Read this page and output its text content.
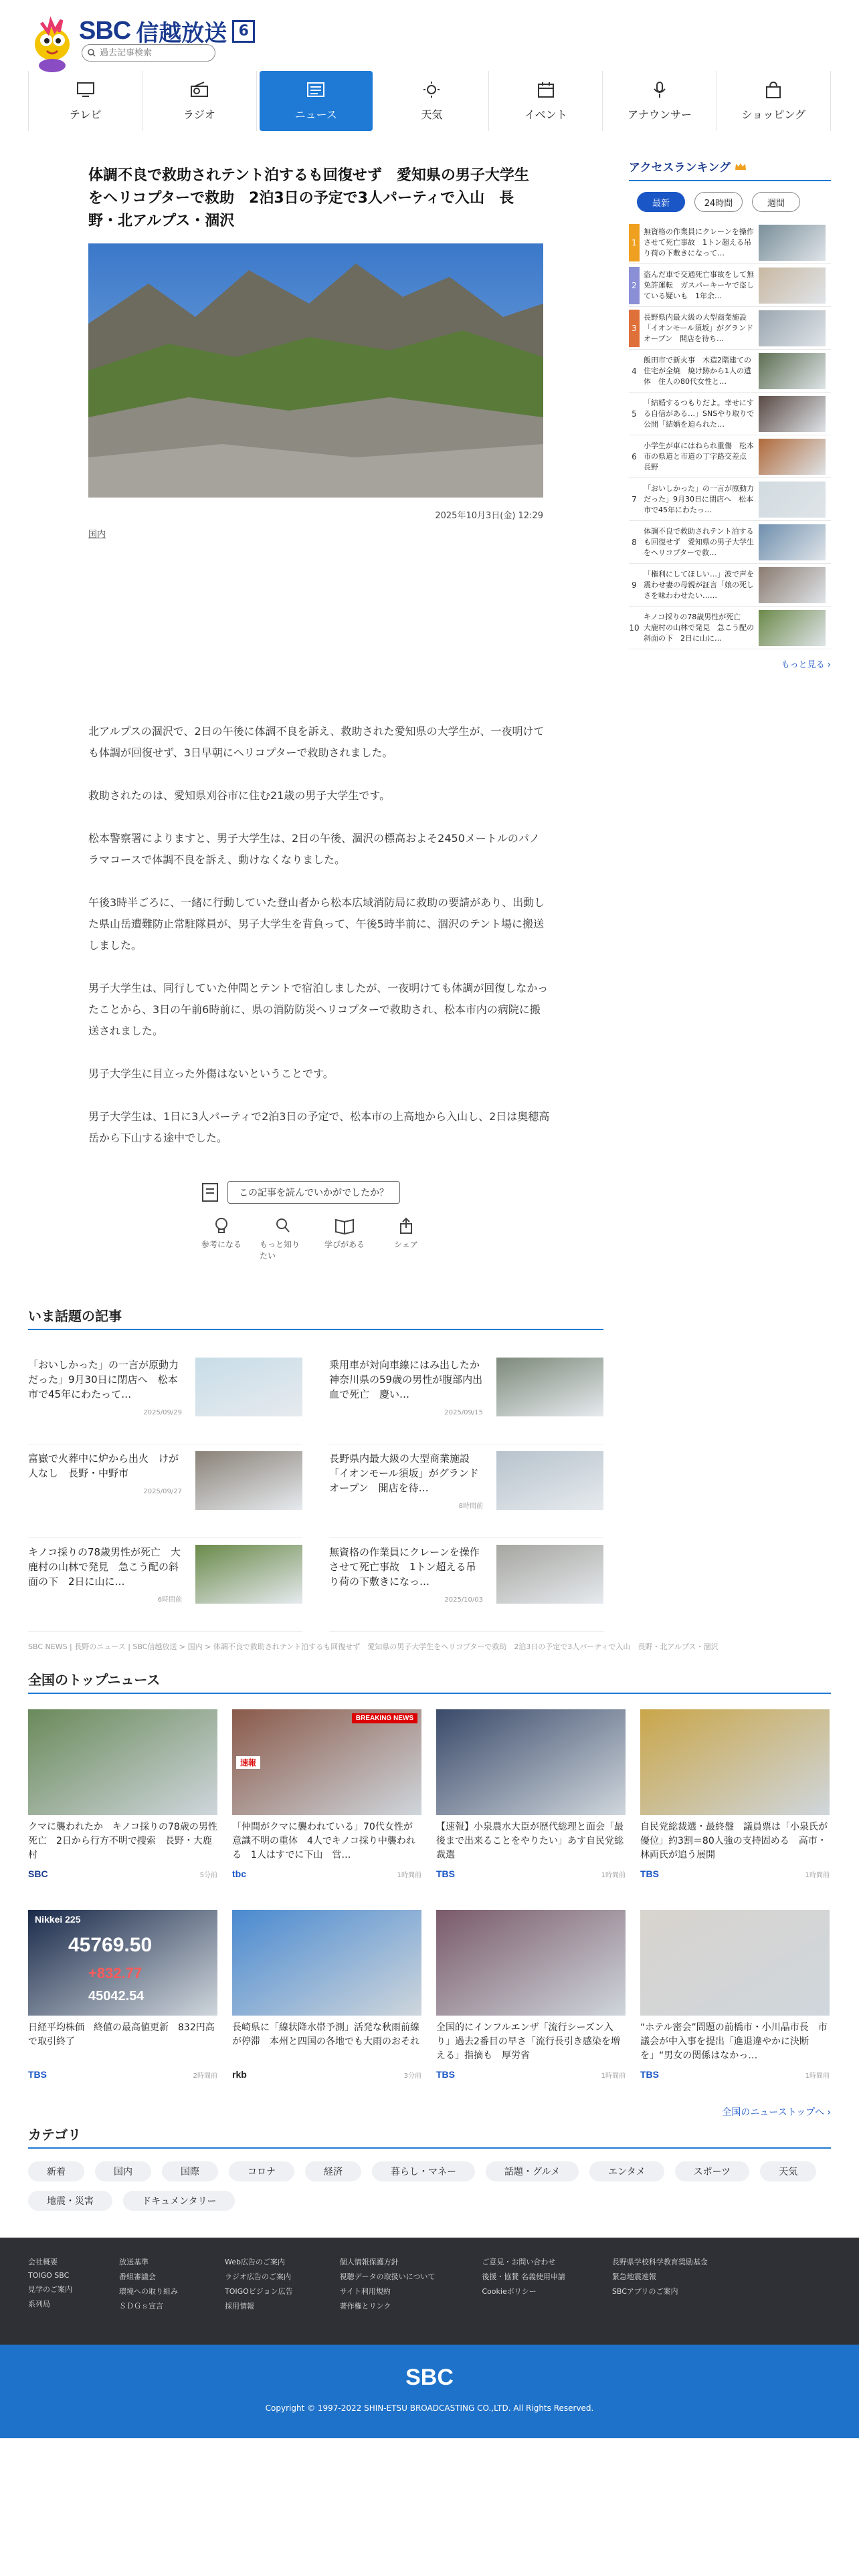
SBC 信越放送 6
過去記事検索
テレビ	ラジオ	ニュース	天気	イベント	アナウンサー	ショッピング
体調不良で救助されテント泊するも回復せず　愛知県の男子大学生をヘリコプターで救助　2泊3日の予定で3人パーティで入山　長野・北アルプス・涸沢
2025年10月3日(金) 12:29
国内

北アルプスの涸沢で、2日の午後に体調不良を訴え、救助された愛知県の大学生が、一夜明けても体調が回復せず、3日早朝にヘリコプターで救助されました。

救助されたのは、愛知県刈谷市に住む21歳の男子大学生です。

松本警察署によりますと、男子大学生は、2日の午後、涸沢の標高およそ2450メートルのパノラマコースで体調不良を訴え、動けなくなりました。

午後3時半ごろに、一緒に行動していた登山者から松本広域消防局に救助の要請があり、出動した県山岳遭難防止常駐隊員が、男子大学生を背負って、午後5時半前に、涸沢のテント場に搬送しました。

男子大学生は、同行していた仲間とテントで宿泊しましたが、一夜明けても体調が回復しなかったことから、3日の午前6時前に、県の消防防災ヘリコプターで救助され、松本市内の病院に搬送されました。

男子大学生に目立った外傷はないということです。

男子大学生は、1日に3人パーティで2泊3日の予定で、松本市の上高地から入山し、2日は奥穂高岳から下山する途中でした。

この記事を読んでいかがでしたか？
参考になる もっと知りたい
学びがある	シェア
アクセスランキング
最新	24時間	週間
1
無資格の作業員にクレーンを操作させて死亡事故　1トン超える吊り荷の下敷きになって…
2
盗んだ車で交通死亡事故をして無免許運転　ガスパーキーヤで盗している疑いも　1年余…
3
長野県内最大級の大型商業施設「イオンモール須坂」がグランドオープン　開店を待ち…
4
飯田市で新火事　木造2階建ての住宅が全焼　焼け跡から1人の遺体　住人の80代女性と…
5
「結婚するつもりだよ。幸せにする自信がある…」SNSやり取りで公開「結婚を迫られた…
6
小学生が車にはねられ重傷　松本市の県道と市道の丁字路交差点　長野
7
「おいしかった」の一言が原動力だった」9月30日に閉店へ　松本市で45年にわたっ…
8
体調不良で救助されテント泊するも回復せず　愛知県の男子大学生をヘリコプターで救…
9
「権利にしてほしい…」波で声を震わせ妻の母親が証言「娘の死しさを味わわせたい……
10
キノコ採りの78歳男性が死亡　大鹿村の山林で発見　急こう配の斜面の下　2日に山に…
もっと見る ›
いま話題の記事
「おいしかった」の一言が原動力だった」9月30日に閉店へ　松本市で45年にわたって…
2025/09/29
乗用車が対向車線にはみ出したか　神奈川県の59歳の男性が腹部内出血で死亡　慶い…
2025/09/15
富嶽で火葬中に炉から出火　けが人なし　長野・中野市
2025/09/27
長野県内最大級の大型商業施設「イオンモール須坂」がグランドオープン　開店を待…
8時間前
キノコ採りの78歳男性が死亡　大鹿村の山林で発見　急こう配の斜面の下　2日に山に…
6時間前
無資格の作業員にクレーンを操作させて死亡事故　1トン超える吊り荷の下敷きになっ…
2025/10/03
SBC NEWS | 長野のニュース | SBC信越放送 > 国内 > 体調不良で救助されテント泊するも回復せず　愛知県の男子大学生をヘリコプターで救助　2泊3日の予定で3人パーティで入山　長野・北アルプス・涸沢
全国のトップニュース
クマに襲われたか　キノコ採りの78歳の男性死亡　2日から行方不明で捜索　長野・大鹿村
SBC	5分前
BREAKING NEWS
速報
「仲間がクマに襲われている」70代女性が意識不明の重体　4人でキノコ採り中襲われる　1人はすでに下山　営…
tbc	1時間前
【速報】小泉農水大臣が歴代総理と面会「最後まで出来ることをやりたい」あす自民党総裁選
TBS	1時間前
自民党総裁選・最終盤　議員票は「小泉氏が優位」約3割＝80人強の支持固める　高市・林両氏が追う展開
TBS	1時間前
Nikkei 225
45769.50
+832.77
45042.54
日経平均株価　終値の最高値更新　832円高で取引終了
TBS	2時間前
長崎県に「線状降水帯予測」活発な秋雨前線が停滞　本州と四国の各地でも大雨のおそれ
rkb	3分前
全国的にインフルエンザ「流行シーズン入り」過去2番目の早さ「流行長引き感染を増える」指摘も　厚労省
TBS	1時間前
“ホテル密会”問題の前橋市・小川晶市長　市議会が中入事を提出「進退違やかに決断を」“男女の関係はなかっ…
TBS	1時間前
全国のニューストップへ ›
カテゴリ
新着	国内	国際	コロナ	経済	暮らし・マネー	話題・グルメ	エンタメ	スポーツ	天気
地震・災害	ドキュメンタリー
会社概要
TOIGO SBC
見学のご案内
系列局
放送基準
番組審議会
環境への取り組み
ＳＤＧｓ宣言
Web広告のご案内
ラジオ広告のご案内
TOIGOビジョン広告
採用情報
個人情報保護方針
視聴データの取扱いについて
サイト利用規約
著作権とリンク
ご意見・お問い合わせ
後援・協賛 名義使用申請
Cookieポリシー
長野県学校科学教育奨励基金
緊急地震速報
SBCアプリのご案内
SBC
Copyright © 1997-2022 SHIN-ETSU BROADCASTING CO.,LTD. All Rights Reserved.
